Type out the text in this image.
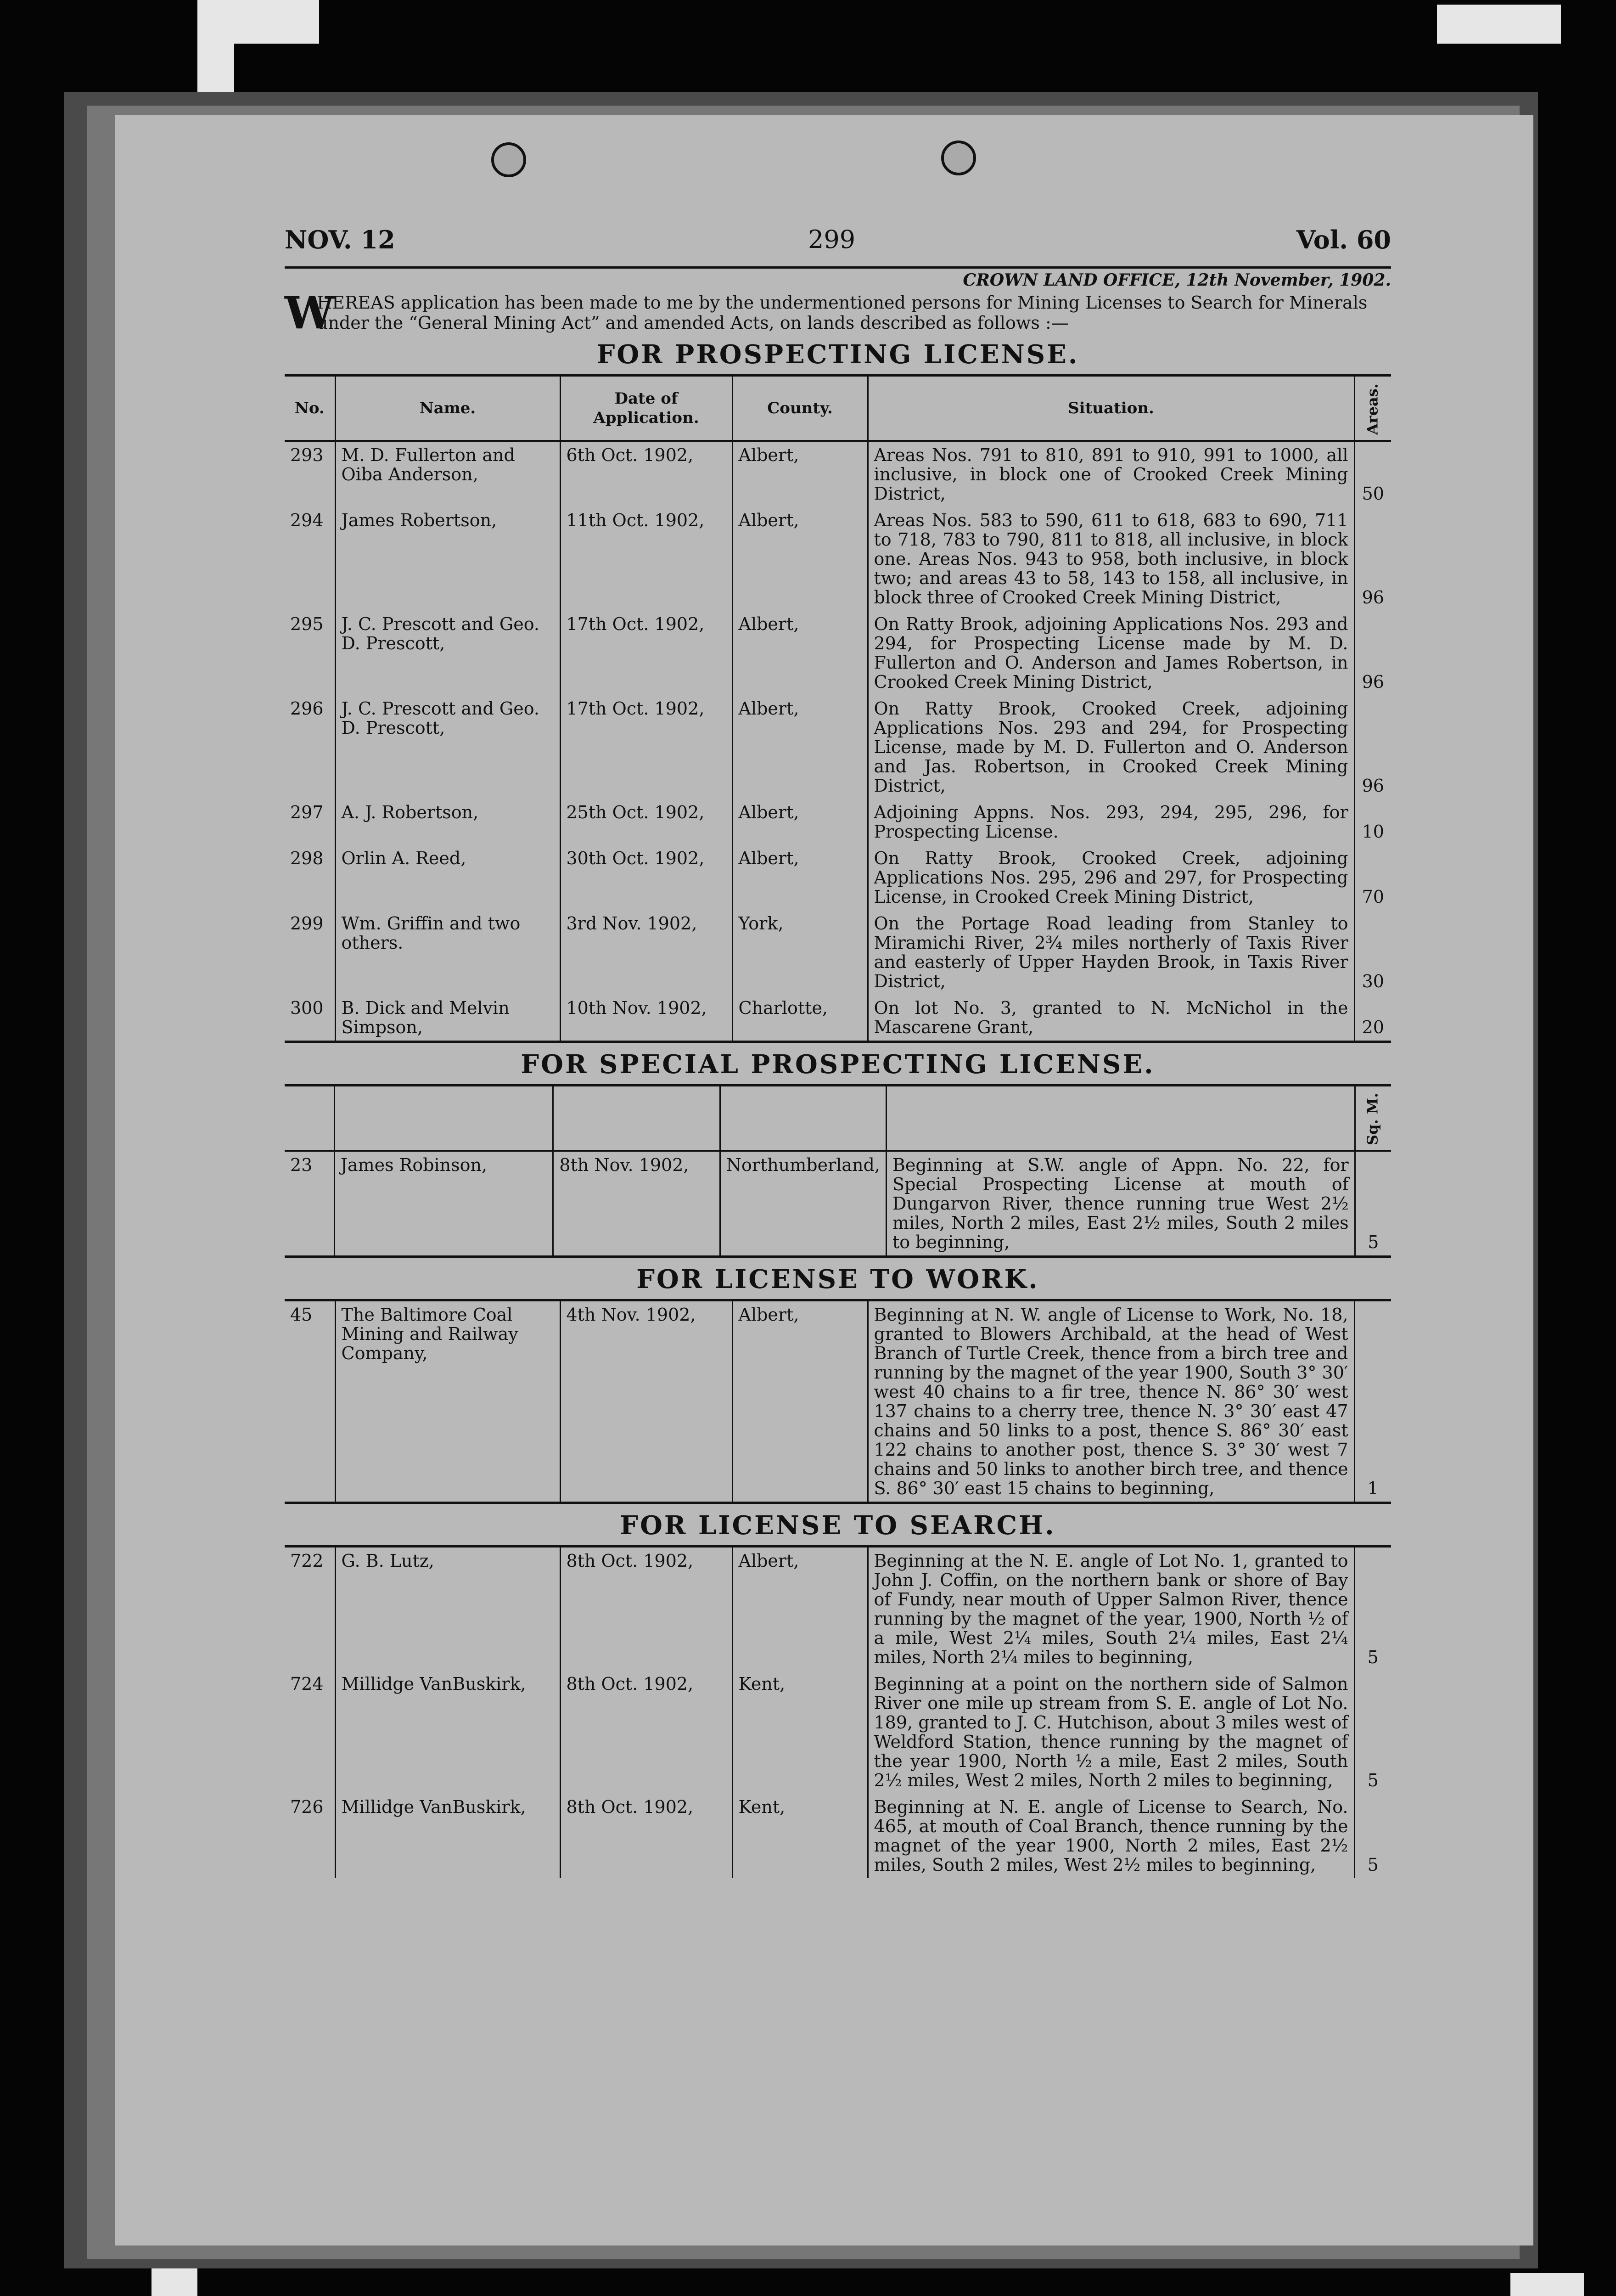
NOV. 12	299	Vol. 60
CROWN LAND OFFICE, 12th November, 1902.
W
HEREAS application has been made to me by the undermentioned persons for Mining Licenses to Search for Minerals under the “General Mining Act” and amended Acts, on lands described as follows :—
FOR PROSPECTING LICENSE.
No.	Name.	Date of Application.	County.	Situation.	Areas.
293	M. D. Fullerton and Oiba Anderson,	6th Oct. 1902,	Albert,	Areas Nos. 791 to 810, 891 to 910, 991 to 1000, all inclusive, in block one of Crooked Creek Mining District,	50
294	James Robertson,	11th Oct. 1902,	Albert,	Areas Nos. 583 to 590, 611 to 618, 683 to 690, 711 to 718, 783 to 790, 811 to 818, all inclusive, in block one. Areas Nos. 943 to 958, both inclusive, in block two; and areas 43 to 58, 143 to 158, all inclusive, in block three of Crooked Creek Mining District,	96
295	J. C. Prescott and Geo. D. Prescott,	17th Oct. 1902,	Albert,	On Ratty Brook, adjoining Applications Nos. 293 and 294, for Prospecting License made by M. D. Fullerton and O. Anderson and James Robertson, in Crooked Creek Mining District,	96
296	J. C. Prescott and Geo. D. Prescott,	17th Oct. 1902,	Albert,	On Ratty Brook, Crooked Creek, adjoining Applications Nos. 293 and 294, for Prospecting License, made by M. D. Fullerton and O. Anderson and Jas. Robertson, in Crooked Creek Mining District,	96
297	A. J. Robertson,	25th Oct. 1902,	Albert,	Adjoining Appns. Nos. 293, 294, 295, 296, for Prospecting License.	10
298	Orlin A. Reed,	30th Oct. 1902,	Albert,	On Ratty Brook, Crooked Creek, adjoining Applications Nos. 295, 296 and 297, for Prospecting License, in Crooked Creek Mining District,	70
299	Wm. Griffin and two others.	3rd Nov. 1902,	York,	On the Portage Road leading from Stanley to Miramichi River, 2¾ miles northerly of Taxis River and easterly of Upper Hayden Brook, in Taxis River District,	30
300	B. Dick and Melvin Simpson,	10th Nov. 1902,	Charlotte,	On lot No. 3, granted to N. McNichol in the Mascarene Grant,	20
FOR SPECIAL PROSPECTING LICENSE.
					Sq. M.
23	James Robinson,	8th Nov. 1902,	Northumberland,	Beginning at S.W. angle of Appn. No. 22, for Special Prospecting License at mouth of Dungarvon River, thence running true West 2½ miles, North 2 miles, East 2½ miles, South 2 miles to beginning,	5
FOR LICENSE TO WORK.
45	The Baltimore Coal Mining and Railway Company,	4th Nov. 1902,	Albert,	Beginning at N. W. angle of License to Work, No. 18, granted to Blowers Archibald, at the head of West Branch of Turtle Creek, thence from a birch tree and running by the magnet of the year 1900, South 3° 30′ west 40 chains to a fir tree, thence N. 86° 30′ west 137 chains to a cherry tree, thence N. 3° 30′ east 47 chains and 50 links to a post, thence S. 86° 30′ east 122 chains to another post, thence S. 3° 30′ west 7 chains and 50 links to another birch tree, and thence S. 86° 30′ east 15 chains to beginning,	1
FOR LICENSE TO SEARCH.
722	G. B. Lutz,	8th Oct. 1902,	Albert,	Beginning at the N. E. angle of Lot No. 1, granted to John J. Coffin, on the northern bank or shore of Bay of Fundy, near mouth of Upper Salmon River, thence running by the magnet of the year, 1900, North ½ of a mile, West 2¼ miles, South 2¼ miles, East 2¼ miles, North 2¼ miles to beginning,	5
724	Millidge VanBuskirk,	8th Oct. 1902,	Kent,	Beginning at a point on the northern side of Salmon River one mile up stream from S. E. angle of Lot No. 189, granted to J. C. Hutchison, about 3 miles west of Weldford Station, thence running by the magnet of the year 1900, North ½ a mile, East 2 miles, South 2½ miles, West 2 miles, North 2 miles to beginning,	5
726	Millidge VanBuskirk,	8th Oct. 1902,	Kent,	Beginning at N. E. angle of License to Search, No. 465, at mouth of Coal Branch, thence running by the magnet of the year 1900, North 2 miles, East 2½ miles, South 2 miles, West 2½ miles to beginning,	5
